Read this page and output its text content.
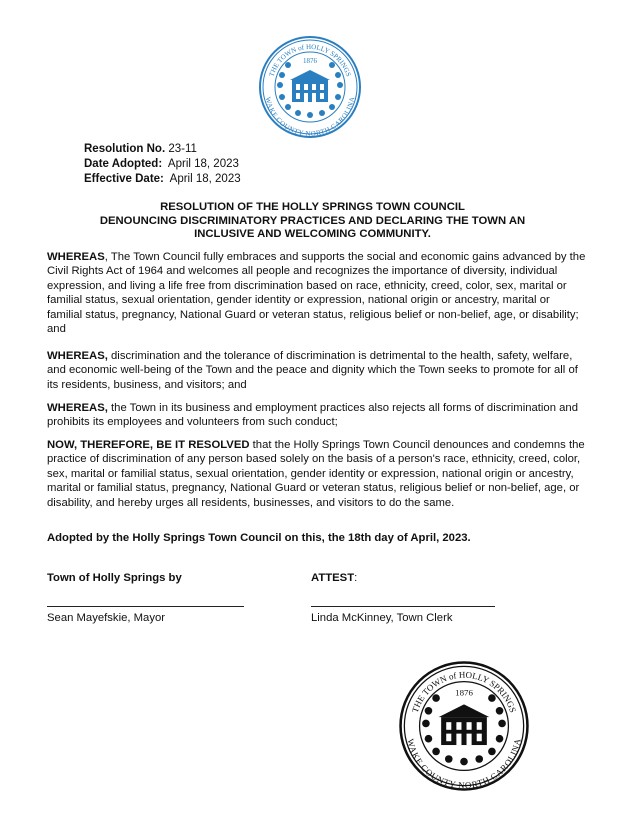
THE TOWN of HOLLY SPRINGS
WAKE COUNTY NORTH CAROLINA
1876
Resolution No. 23-11
Date Adopted: April 18, 2023
Effective Date: April 18, 2023
RESOLUTION OF THE HOLLY SPRINGS TOWN COUNCIL
DENOUNCING DISCRIMINATORY PRACTICES AND DECLARING THE TOWN AN
INCLUSIVE AND WELCOMING COMMUNITY.
WHEREAS, The Town Council fully embraces and supports the social and economic gains advanced by the Civil Rights Act of 1964 and welcomes all people and recognizes the importance of diversity, individual expression, and living a life free from discrimination based on race, ethnicity, creed, color, sex, marital or familial status, sexual orientation, gender identity or expression, national origin or ancestry, marital or familial status, pregnancy, National Guard or veteran status, religious belief or non-belief, age, or disability; and
WHEREAS, discrimination and the tolerance of discrimination is detrimental to the health, safety, welfare, and economic well-being of the Town and the peace and dignity which the Town seeks to promote for all of its residents, business, and visitors; and
WHEREAS, the Town in its business and employment practices also rejects all forms of discrimination and prohibits its employees and volunteers from such conduct;
NOW, THEREFORE, BE IT RESOLVED that the Holly Springs Town Council denounces and condemns the practice of discrimination of any person based solely on the basis of a person's race, ethnicity, creed, color, sex, marital or familial status, sexual orientation, gender identity or expression, national origin or ancestry, marital or familial status, pregnancy, National Guard or veteran status, religious belief or non-belief, age, or disability, and hereby urges all residents, businesses, and visitors to do the same.
Adopted by the Holly Springs Town Council on this, the 18th day of April, 2023.
Town of Holly Springs by	ATTEST:
Sean Mayefskie, Mayor	Linda McKinney, Town Clerk
THE TOWN of HOLLY SPRINGS
WAKE COUNTY NORTH CAROLINA
1876
